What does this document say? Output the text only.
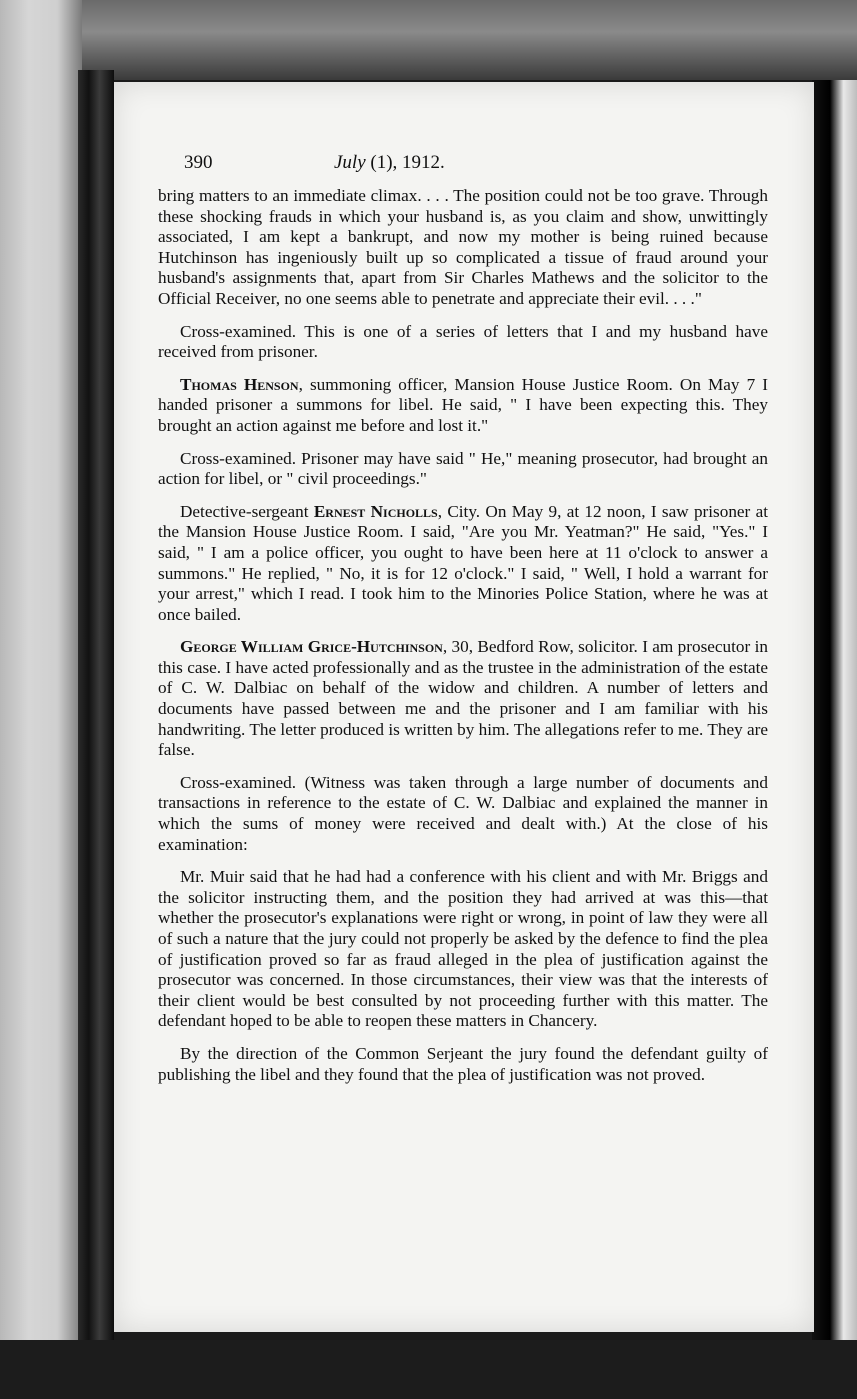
390	July (1), 1912.

bring matters to an immediate climax. . . . The position could not be too grave. Through these shocking frauds in which your husband is, as you claim and show, unwittingly associated, I am kept a bankrupt, and now my mother is being ruined because Hutchinson has ingeniously built up so complicated a tissue of fraud around your husband's assignments that, apart from Sir Charles Mathews and the solicitor to the Official Receiver, no one seems able to penetrate and appreciate their evil. . . ."

Cross-examined. This is one of a series of letters that I and my husband have received from prisoner.

Thomas Henson, summoning officer, Mansion House Justice Room. On May 7 I handed prisoner a summons for libel. He said, " I have been expecting this. They brought an action against me before and lost it."

Cross-examined. Prisoner may have said " He," meaning prosecutor, had brought an action for libel, or " civil proceedings."

Detective-sergeant Ernest Nicholls, City. On May 9, at 12 noon, I saw prisoner at the Mansion House Justice Room. I said, "Are you Mr. Yeatman?" He said, "Yes." I said, " I am a police officer, you ought to have been here at 11 o'clock to answer a summons." He replied, " No, it is for 12 o'clock." I said, " Well, I hold a warrant for your arrest," which I read. I took him to the Minories Police Station, where he was at once bailed.

George William Grice-Hutchinson, 30, Bedford Row, solicitor. I am prosecutor in this case. I have acted professionally and as the trustee in the administration of the estate of C. W. Dalbiac on behalf of the widow and children. A number of letters and documents have passed between me and the prisoner and I am familiar with his handwriting. The letter produced is written by him. The allegations refer to me. They are false.

Cross-examined. (Witness was taken through a large number of documents and transactions in reference to the estate of C. W. Dalbiac and explained the manner in which the sums of money were received and dealt with.) At the close of his examination:

Mr. Muir said that he had had a conference with his client and with Mr. Briggs and the solicitor instructing them, and the position they had arrived at was this—that whether the prosecutor's explanations were right or wrong, in point of law they were all of such a nature that the jury could not properly be asked by the defence to find the plea of justification proved so far as fraud alleged in the plea of justification against the prosecutor was concerned. In those circumstances, their view was that the interests of their client would be best consulted by not proceeding further with this matter. The defendant hoped to be able to reopen these matters in Chancery.

By the direction of the Common Serjeant the jury found the defendant guilty of publishing the libel and they found that the plea of justification was not proved.
